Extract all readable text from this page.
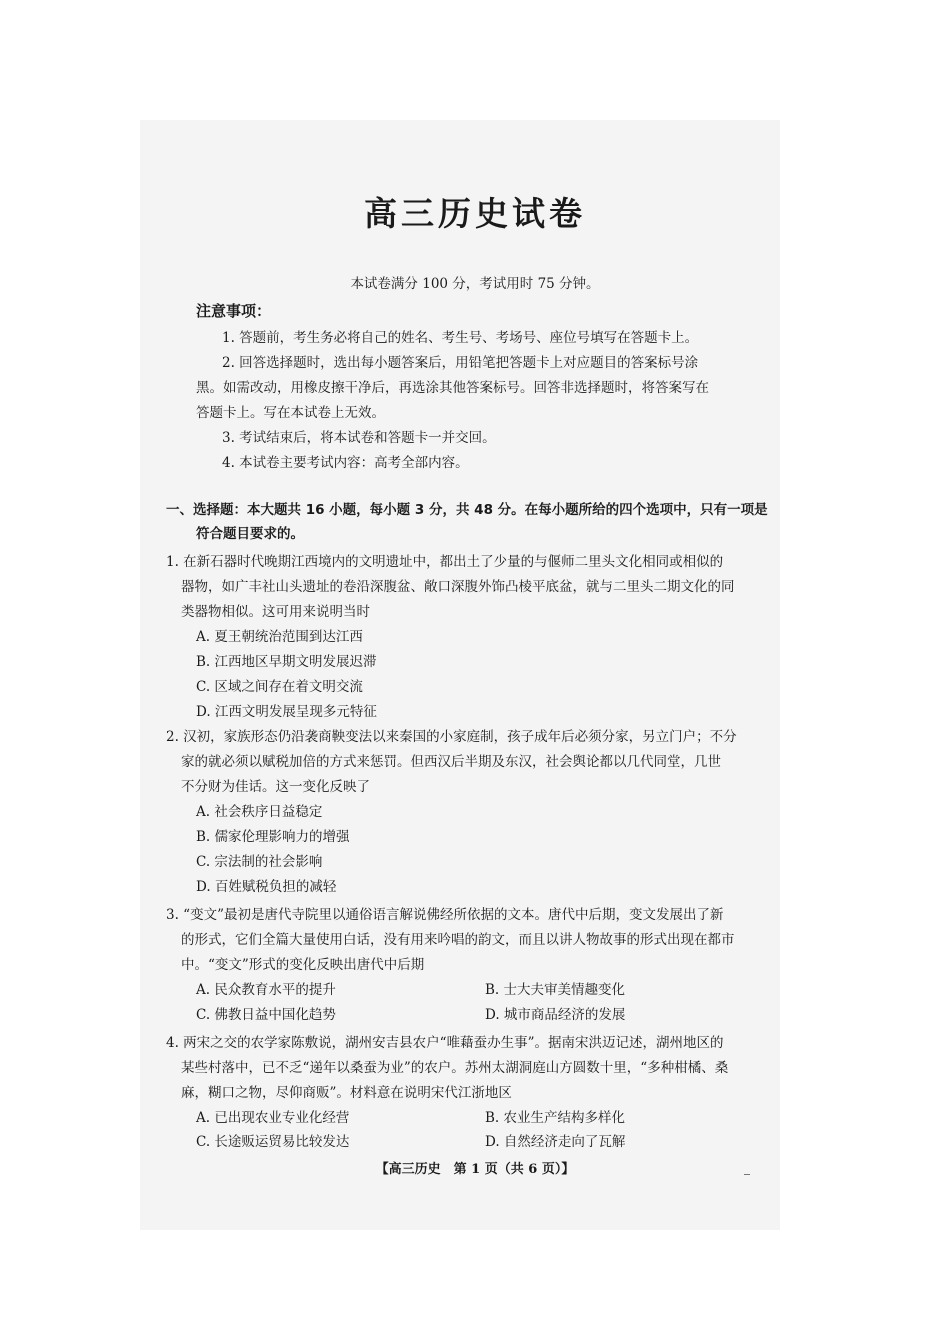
高三历史试卷
本试卷满分 100 分，考试用时 75 分钟。
注意事项：
1. 答题前，考生务必将自己的姓名、考生号、考场号、座位号填写在答题卡上。
2. 回答选择题时，选出每小题答案后，用铅笔把答题卡上对应题目的答案标号涂
黑。如需改动，用橡皮擦干净后，再选涂其他答案标号。回答非选择题时，将答案写在
答题卡上。写在本试卷上无效。
3. 考试结束后，将本试卷和答题卡一并交回。
4. 本试卷主要考试内容：高考全部内容。
一、选择题：本大题共 16 小题，每小题 3 分，共 48 分。在每小题所给的四个选项中，只有一项是
符合题目要求的。
1. 在新石器时代晚期江西境内的文明遗址中，都出土了少量的与偃师二里头文化相同或相似的
器物，如广丰社山头遗址的卷沿深腹盆、敞口深腹外饰凸棱平底盆，就与二里头二期文化的同
类器物相似。这可用来说明当时
A. 夏王朝统治范围到达江西
B. 江西地区早期文明发展迟滞
C. 区域之间存在着文明交流
D. 江西文明发展呈现多元特征
2. 汉初，家族形态仍沿袭商鞅变法以来秦国的小家庭制，孩子成年后必须分家，另立门户；不分
家的就必须以赋税加倍的方式来惩罚。但西汉后半期及东汉，社会舆论都以几代同堂，几世
不分财为佳话。这一变化反映了
A. 社会秩序日益稳定
B. 儒家伦理影响力的增强
C. 宗法制的社会影响
D. 百姓赋税负担的减轻
3. “变文”最初是唐代寺院里以通俗语言解说佛经所依据的文本。唐代中后期，变文发展出了新
的形式，它们全篇大量使用白话，没有用来吟唱的韵文，而且以讲人物故事的形式出现在都市
中。“变文”形式的变化反映出唐代中后期
A. 民众教育水平的提升	B. 士大夫审美情趣变化
C. 佛教日益中国化趋势	D. 城市商品经济的发展
4. 两宋之交的农学家陈敷说，湖州安吉县农户“唯藉蚕办生事”。据南宋洪迈记述，湖州地区的
某些村落中，已不乏“递年以桑蚕为业”的农户。苏州太湖洞庭山方圆数十里，“多种柑橘、桑
麻，糊口之物，尽仰商贩”。材料意在说明宋代江浙地区
A. 已出现农业专业化经营	B. 农业生产结构多样化
C. 长途贩运贸易比较发达	D. 自然经济走向了瓦解
【高三历史　第 1 页（共 6 页）】
